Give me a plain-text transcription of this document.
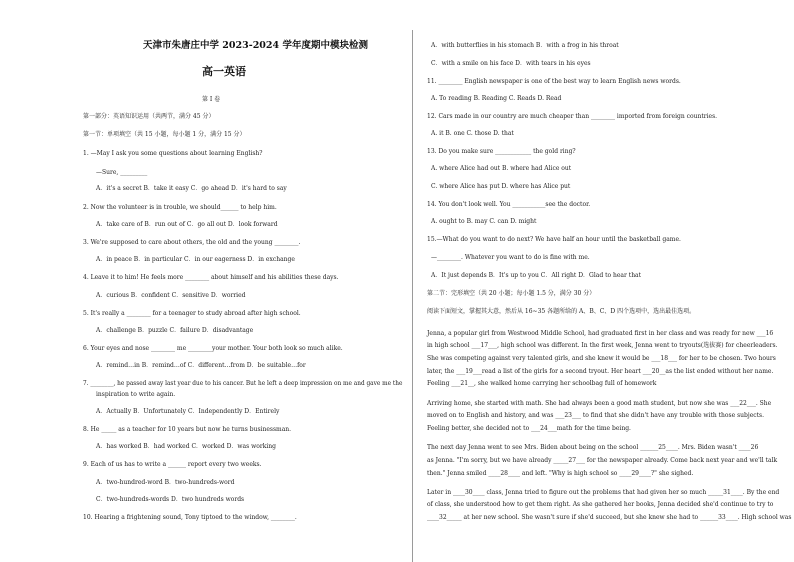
天津市朱唐庄中学 2023-2024 学年度期中模块检测
高一英语
第 I 卷
第一部分：英语知识运用（共两节，满分 45 分）
第一节：单项填空（共 15 小题，每小题 1 分，满分 15 分）
1. —May I ask you some questions about learning English?
—Sure, _________
A．it's a secret B．take it easy C．go ahead D．it's hard to say
2. Now the volunteer is in trouble, we should______ to help him.
A．take care of B．run out of C．go all out D．look forward
3. We're supposed to care about others, the old and the young ________.
A．in peace B．in particular C．in our eagerness D．in exchange
4. Leave it to him! He feels more ________ about himself and his abilities these days.
A．curious B．confident C．sensitive D．worried
5. It's really a ________ for a teenager to study abroad after high school.
A．challenge B．puzzle C．failure D．disadvantage
6. Your eyes and nose ________ me ________your mother. Your both look so much alike.
A．remind…in B．remind…of C．different…from D．be suitable…for
7. ________, he passed away last year due to his cancer. But he left a deep impression on me and gave me the
inspiration to write again.
A．Actually B．Unfortunately C．Independently D．Entirely
8. He _____ as a teacher for 10 years but now he turns businessman.
A．has worked B．had worked C．worked D．was working
9. Each of us has to write a ______ report every two weeks.
A．two-hundred-word B．two-hundreds-word
C．two-hundreds-words D．two hundreds words
10. Hearing a frightening sound, Tony tiptoed to the window, ________.
A．with butterflies in his stomach B．with a frog in his throat
C．with a smile on his face D．with tears in his eyes
11. ________ English newspaper is one of the best way to learn English news words.
A. To reading B. Reading C. Reads D. Read
12. Cars made in our country are much cheaper than ________ imported from foreign countries.
A. it B. one C. those D. that
13. Do you make sure ____________ the gold ring?
A. where Alice had out B. where had Alice out
C. where Alice has put D. where has Alice put
14. You don't look well. You ___________see the doctor.
A. ought to B. may C. can D. might
15.—What do you want to do next? We have half an hour until the basketball game.
—________. Whatever you want to do is fine with me.
A．It just depends B．It's up to you C．All right D．Glad to hear that
第二节：完形填空（共 20 小题；每小题 1.5 分，满分 30 分）
阅读下面短文，掌握其大意，然后从 16~35 各题所给的 A、B、C、D 四个选项中，选出最佳选项。
Jenna, a popular girl from Westwood Middle School, had graduated first in her class and was ready for new ___16
in high school ___17___, high school was different. In the first week, Jenna went to tryouts(选拔赛) for cheerleaders.
She was competing against very talented girls, and she knew it would be ___18___ for her to be chosen. Two hours
later, the ___19___read a list of the girls for a second tryout. Her heart ___20__as the list ended without her name.
Feeling ___21__, she walked home carrying her schoolbag full of homework
Arriving home, she started with math. She had always been a good math student, but now she was ___22___. She
moved on to English and history, and was ___23___ to find that she didn't have any trouble with those subjects.
Feeling better, she decided not to ___24___math for the time being.
The next day Jenna went to see Mrs. Biden about being on the school ______25____. Mrs. Biden wasn't ____26
as Jenna. "I'm sorry, but we have already _____27___ for the newspaper already. Come back next year and we'll talk
then." Jenna smiled ____28____ and left. "Why is high school so ____29____?" she sighed.
Later in ____30____ class, Jenna tried to figure out the problems that had given her so much _____31____. By the end
of class, she understood how to get them right. As she gathered her books, Jenna decided she'd continue to try to
____32_____ at her new school. She wasn't sure if she'd succeed, but she knew she had to ______33____. High school was
